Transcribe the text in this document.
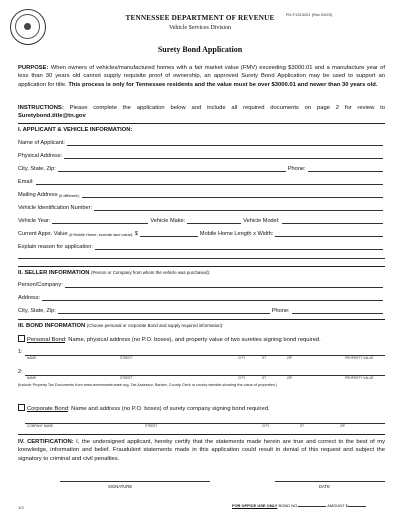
RV-F1313201 (Rev.09/23)
TENNESSEE DEPARTMENT OF REVENUE
Vehicle Services Division
Surety Bond Application
PURPOSE: When owners of vehicles/manufactured homes with a fair market value (FMV) exceeding $3000.01 and a manufacture year of less than 30 years old cannot supply requisite proof of ownership, an approved Surety Bond Application may be used to support an application for title. This process is only for Tennessee residents and the value must be over $3000.01 and newer than 30 years old.
INSTRUCTIONS: Please complete the application below and include all required documents on page 2 for review to Suretybond.title@tn.gov
I. APPLICANT & VEHICLE INFORMATION:
Name of Applicant:
Physical Address:
City, State, Zip:	Phone:
Email:
Mailing Address
(if different):
Vehicle Identification Number:
Vehicle Year:	Vehicle Make:	Vehicle Model:
Current Appx. Value
(if Mobile Home, exclude land value):
$	Mobile Home Length x Width:
Explain reason for application:
II. SELLER INFORMATION (Person or Company from whom the vehicle was purchased):
Person/Company:
Address:
City, State, Zip:	Phone:
III. BOND INFORMATION (Choose personal or corporate Bond and supply required information):
Personal Bond: Name, physical address (no P.O. boxes), and property value of two sureties signing bond required.
1:
NAME	STREET	CITY	ST	ZIP	PROPERTY VALUE
2:
NAME	STREET	CITY	ST	ZIP	PROPERTY VALUE
(Include Property Tax Documents from www.tennesseetrustee.org, Tax Assessor, Banker, County Clerk or county website showing the value of properties.)
Corporate Bond: Name and address (no P.O. boxes) of surety company signing bond required.
COMPANY NAME	STREET	CITY	ST	ZIP
IV. CERTIFICATION: I, the undersigned applicant, hereby certify that the statements made herein are true and correct to the best of my knowledge, information and belief. Fraudulent statements made in this application could result in denial of this request and subject the signatory to criminal and civil penalties.
SIGNATURE	DATE
FOR OFFICE USE ONLY BOND NO.	AMOUNT $
1/3
